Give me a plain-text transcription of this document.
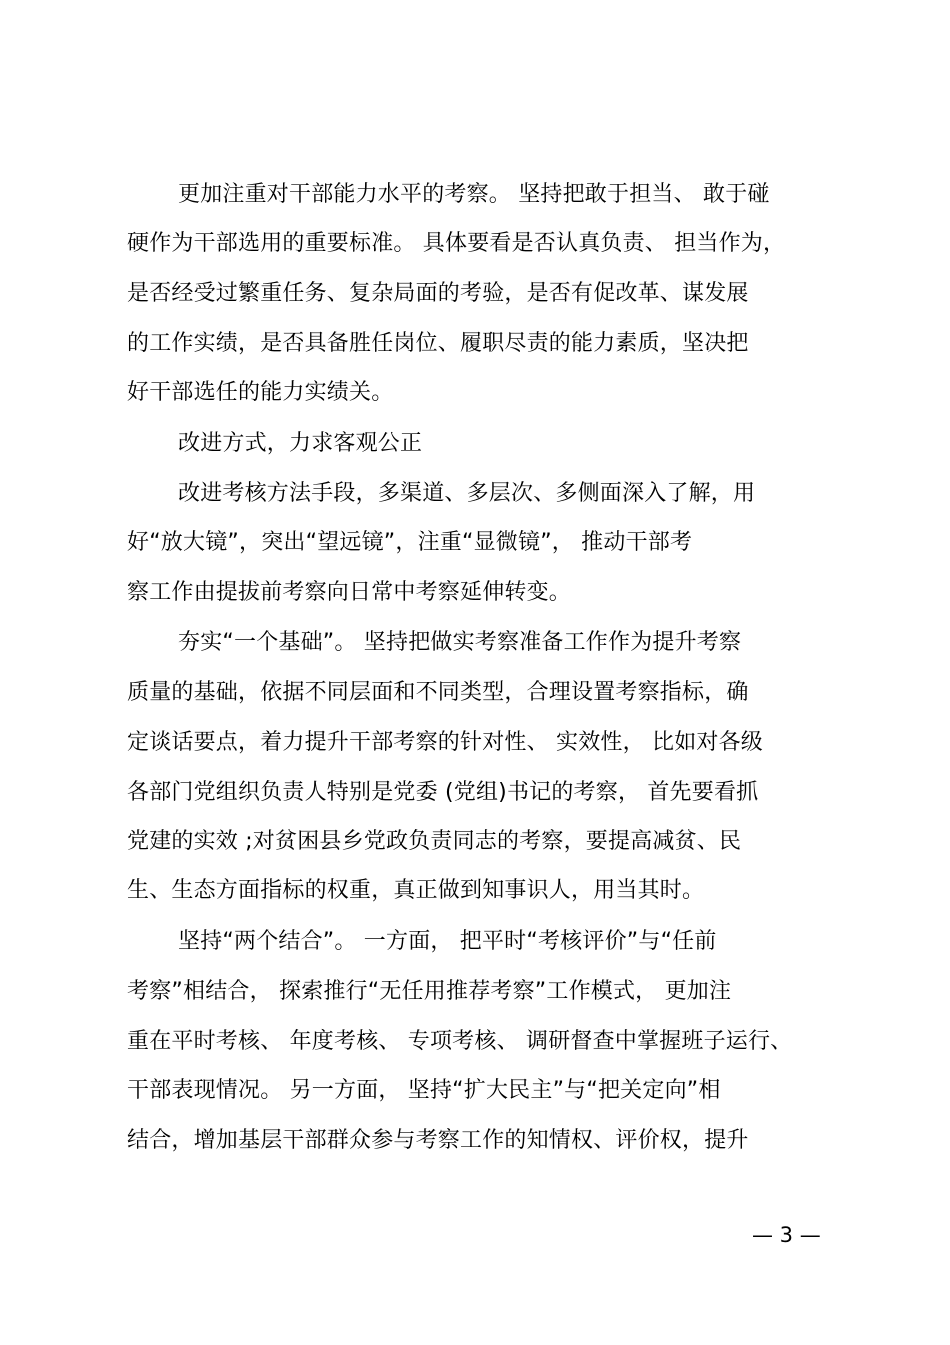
更加注重对干部能力水平的考察。 坚持把敢于担当、 敢于碰
硬作为干部选用的重要标准。 具体要看是否认真负责、 担当作为，
是否经受过繁重任务、复杂局面的考验，是否有促改革、谋发展
的工作实绩，是否具备胜任岗位、履职尽责的能力素质，坚决把
好干部选任的能力实绩关。
改进方式，力求客观公正
改进考核方法手段，多渠道、多层次、多侧面深入了解，用
好“放大镜”，突出“望远镜”，注重“显微镜”， 推动干部考
察工作由提拔前考察向日常中考察延伸转变。
夯实“一个基础”。 坚持把做实考察准备工作作为提升考察
质量的基础，依据不同层面和不同类型，合理设置考察指标，确
定谈话要点，着力提升干部考察的针对性、 实效性， 比如对各级
各部门党组织负责人特别是党委 (党组)书记的考察， 首先要看抓
党建的实效 ;对贫困县乡党政负责同志的考察，要提高减贫、民
生、生态方面指标的权重，真正做到知事识人，用当其时。
坚持“两个结合”。 一方面， 把平时“考核评价”与“任前
考察”相结合， 探索推行“无任用推荐考察”工作模式， 更加注
重在平时考核、 年度考核、 专项考核、 调研督查中掌握班子运行、
干部表现情况。 另一方面， 坚持“扩大民主”与“把关定向”相
结合，增加基层干部群众参与考察工作的知情权、评价权，提升
— 3 —
